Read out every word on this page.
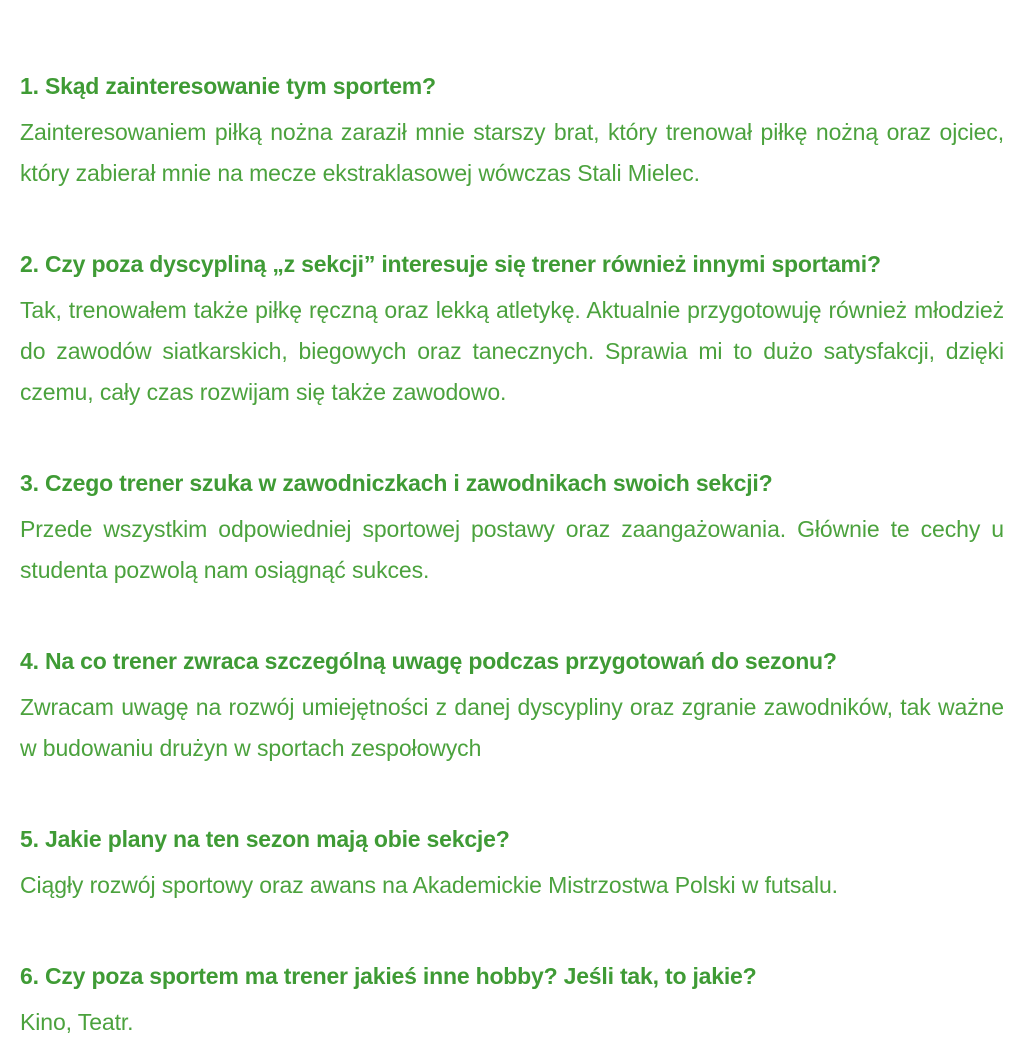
1. Skąd zainteresowanie tym sportem?

Zainteresowaniem piłką nożna zaraził mnie starszy brat, który trenował piłkę nożną oraz ojciec, który zabierał mnie na mecze ekstraklasowej wówczas Stali Mielec.

2. Czy poza dyscypliną „z sekcji” interesuje się trener również innymi sportami?

Tak, trenowałem także piłkę ręczną oraz lekką atletykę. Aktualnie przygotowuję również młodzież do zawodów siatkarskich, biegowych oraz tanecznych. Sprawia mi to dużo satysfakcji, dzięki czemu, cały czas rozwijam się także zawodowo.

3. Czego trener szuka w zawodniczkach i zawodnikach swoich sekcji?

Przede wszystkim odpowiedniej sportowej postawy oraz zaangażowania. Głównie te cechy u studenta pozwolą nam osiągnąć sukces.

4. Na co trener zwraca szczególną uwagę podczas przygotowań do sezonu?

Zwracam uwagę na rozwój umiejętności z danej dyscypliny oraz zgranie zawodników, tak ważne w budowaniu drużyn w sportach zespołowych

5. Jakie plany na ten sezon mają obie sekcje?

Ciągły rozwój sportowy oraz awans na Akademickie Mistrzostwa Polski w futsalu.

6. Czy poza sportem ma trener jakieś inne hobby? Jeśli tak, to jakie?

Kino, Teatr.
